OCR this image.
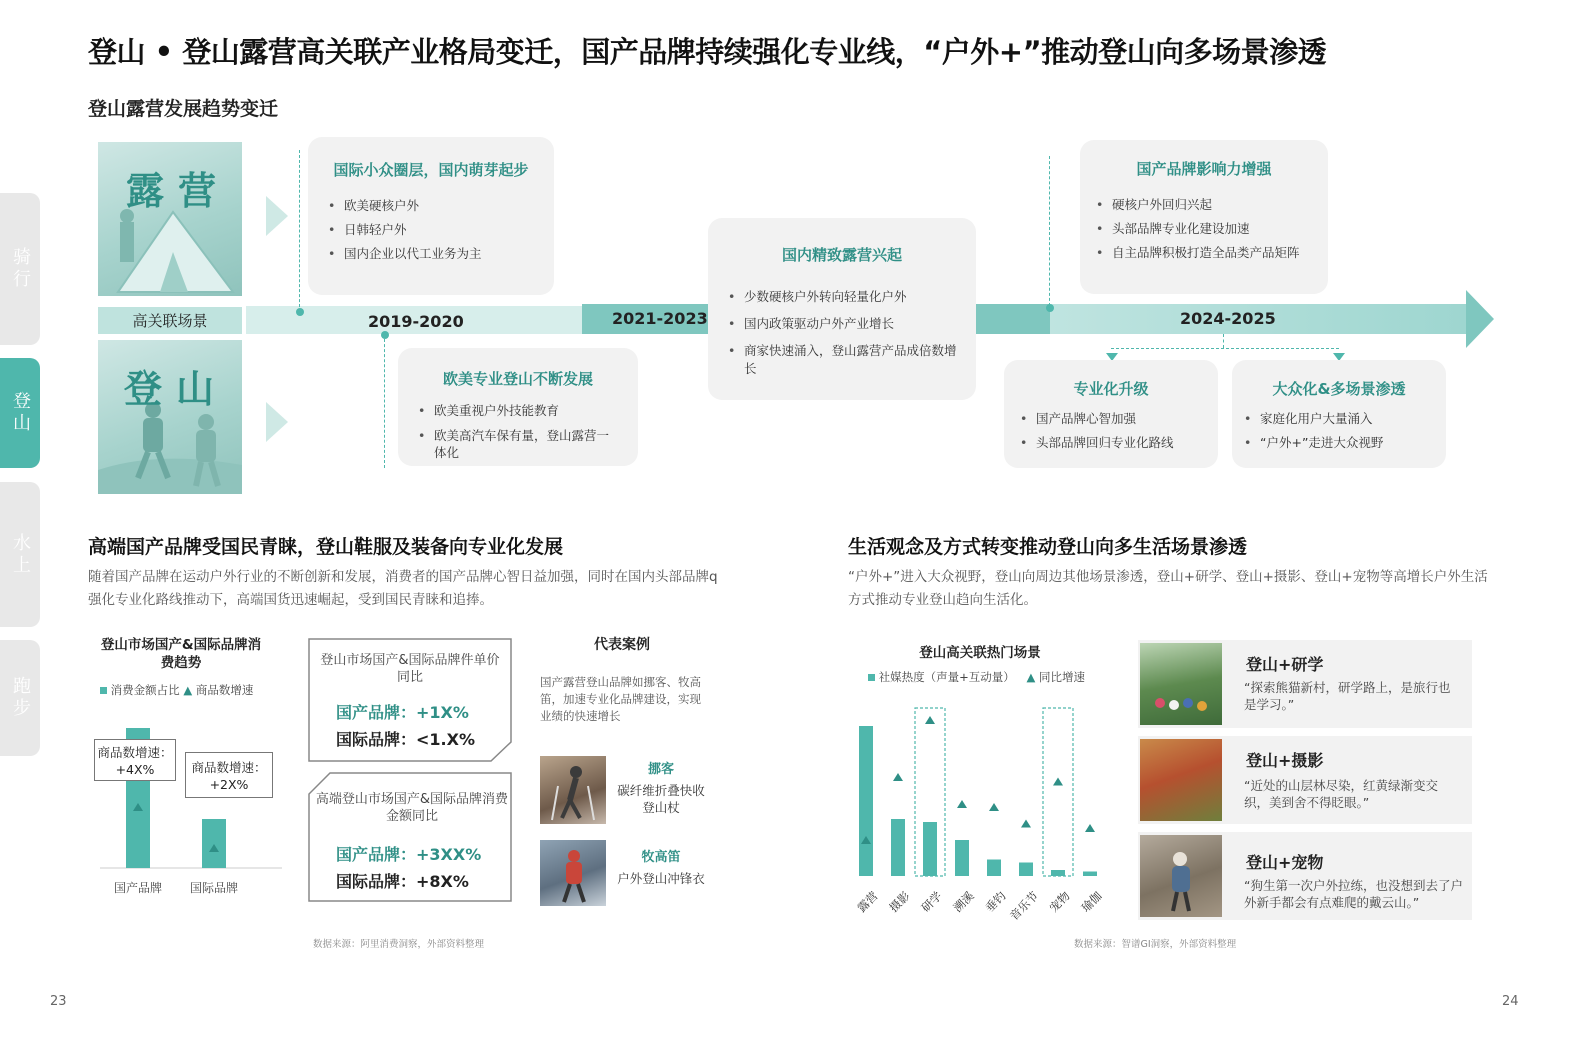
登山 • 登山露营高关联产业格局变迁，国产品牌持续强化专业线，“户外+”推动登山向多场景渗透
登山露营发展趋势变迁
骑行
登山
水上
跑步
露营
高关联场景
登山
2019-2020	2021-2023	2024-2025
国际小众圈层，国内萌芽起步
• 欧美硬核户外
• 日韩轻户外
• 国内企业以代工业务为主
欧美专业登山不断发展
• 欧美重视户外技能教育
• 欧美高汽车保有量，登山露营一体化
国内精致露营兴起
• 少数硬核户外转向轻量化户外
• 国内政策驱动户外产业增长
• 商家快速涌入，登山露营产品成倍数增长
国产品牌影响力增强
• 硬核户外回归兴起
• 头部品牌专业化建设加速
• 自主品牌积极打造全品类产品矩阵
专业化升级
• 国产品牌心智加强
• 头部品牌回归专业化路线
大众化&多场景渗透
• 家庭化用户大量涌入
• “户外+”走进大众视野
高端国产品牌受国民青睐，登山鞋服及装备向专业化发展
随着国产品牌在运动户外行业的不断创新和发展，消费者的国产品牌心智日益加强，同时在国内头部品牌q强化专业化路线推动下，高端国货迅速崛起，受到国民青睐和追捧。
登山市场国产&国际品牌消费趋势
消费金额占比 ▲ 商品数增速
国产品牌 国际品牌
商品数增速：+4X%	商品数增速：+2X%
登山市场国产&国际品牌件单价同比
国产品牌：+1X%
国际品牌：<1.X%
高端登山市场国产&国际品牌消费金额同比
国产品牌：+3XX%
国际品牌：+8X%
代表案例
国产露营登山品牌如挪客、牧高笛，加速专业化品牌建设，实现业绩的快速增长
挪客
碳纤维折叠快收登山杖
牧高笛
户外登山冲锋衣
数据来源：阿里消费洞察，外部资料整理
生活观念及方式转变推动登山向多生活场景渗透
“户外+”进入大众视野，登山向周边其他场景渗透，登山+研学、登山+摄影、登山+宠物等高增长户外生活方式推动专业登山趋向生活化。
登山高关联热门场景
社媒热度（声量+互动量） ▲ 同比增速
露营 摄影 研学 溯溪 垂钓
音乐节 宠物 瑜伽
登山+研学
“探索熊猫新村，研学路上，是旅行也是学习。”
登山+摄影
“近处的山层林尽染，红黄绿渐变交织，美到舍不得眨眼。”
登山+宠物
“狗生第一次户外拉练，也没想到去了户外新手都会有点难爬的戴云山。”
数据来源：智谱GI洞察，外部资料整理
23	24
